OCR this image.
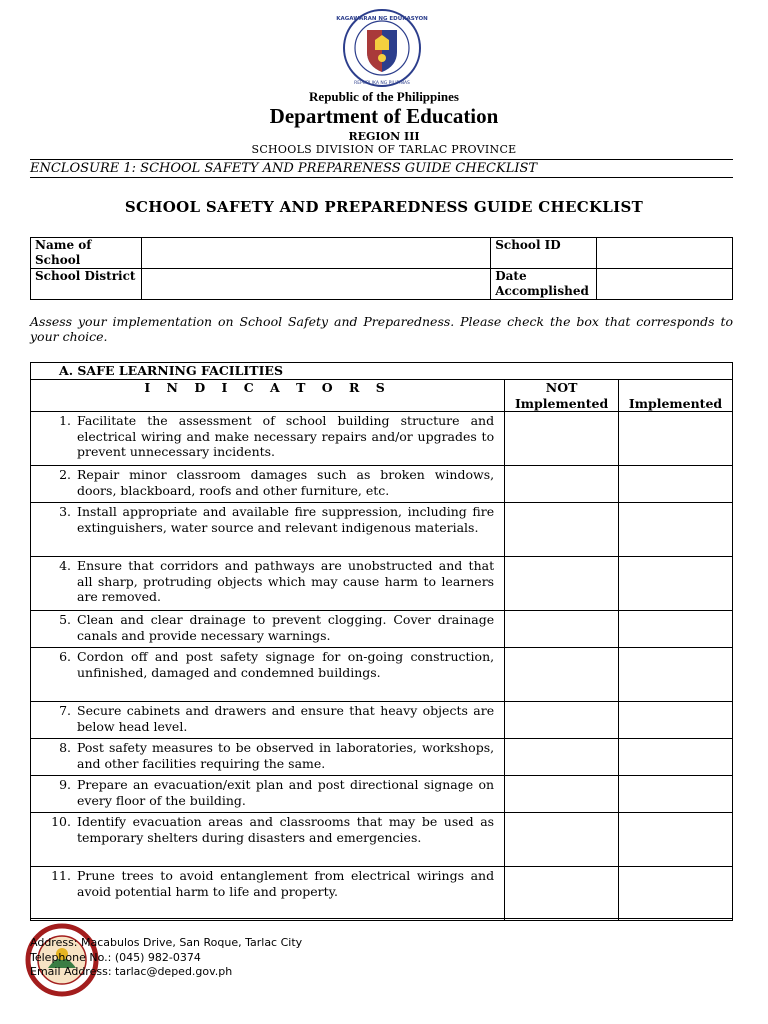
KAGAWARAN NG EDUKASYON
REPUBLIKA NG PILIPINAS
Republic of the Philippines
Department of Education
REGION III
SCHOOLS DIVISION OF TARLAC PROVINCE
ENCLOSURE 1: SCHOOL SAFETY AND PREPARENESS GUIDE CHECKLIST
SCHOOL SAFETY AND PREPAREDNESS GUIDE CHECKLIST
Name of School		School ID	
School District		Date Accomplished	
Assess your implementation on School Safety and Preparedness. Please check the box that corresponds to your choice.
A. SAFE LEARNING FACILITIES		
I N D I C A T O R S	NOT Implemented	Implemented

1. Facilitate the assessment of school building structure and electrical wiring and make necessary repairs and/or upgrades to prevent unnecessary incidents.		

2. Repair minor classroom damages such as broken windows, doors, blackboard, roofs and other furniture, etc.		

3. Install appropriate and available fire suppression, including fire extinguishers, water source and relevant indigenous materials.		

4. Ensure that corridors and pathways are unobstructed and that all sharp, protruding objects which may cause harm to learners are removed.		

5. Clean and clear drainage to prevent clogging. Cover drainage canals and provide necessary warnings.		

6. Cordon off and post safety signage for on-going construction, unfinished, damaged and condemned buildings.		

7. Secure cabinets and drawers and ensure that heavy objects are below head level.		

8. Post safety measures to be observed in laboratories, workshops, and other facilities requiring the same.		

9. Prepare an evacuation/exit plan and post directional signage on every floor of the building.		

10. Identify evacuation areas and classrooms that may be used as temporary shelters during disasters and emergencies.		

11. Prune trees to avoid entanglement from electrical wirings and avoid potential harm to life and property.		

Address: Macabulos Drive, San Roque, Tarlac City
Telephone No.: (045) 982-0374
Email Address: tarlac@deped.gov.ph
